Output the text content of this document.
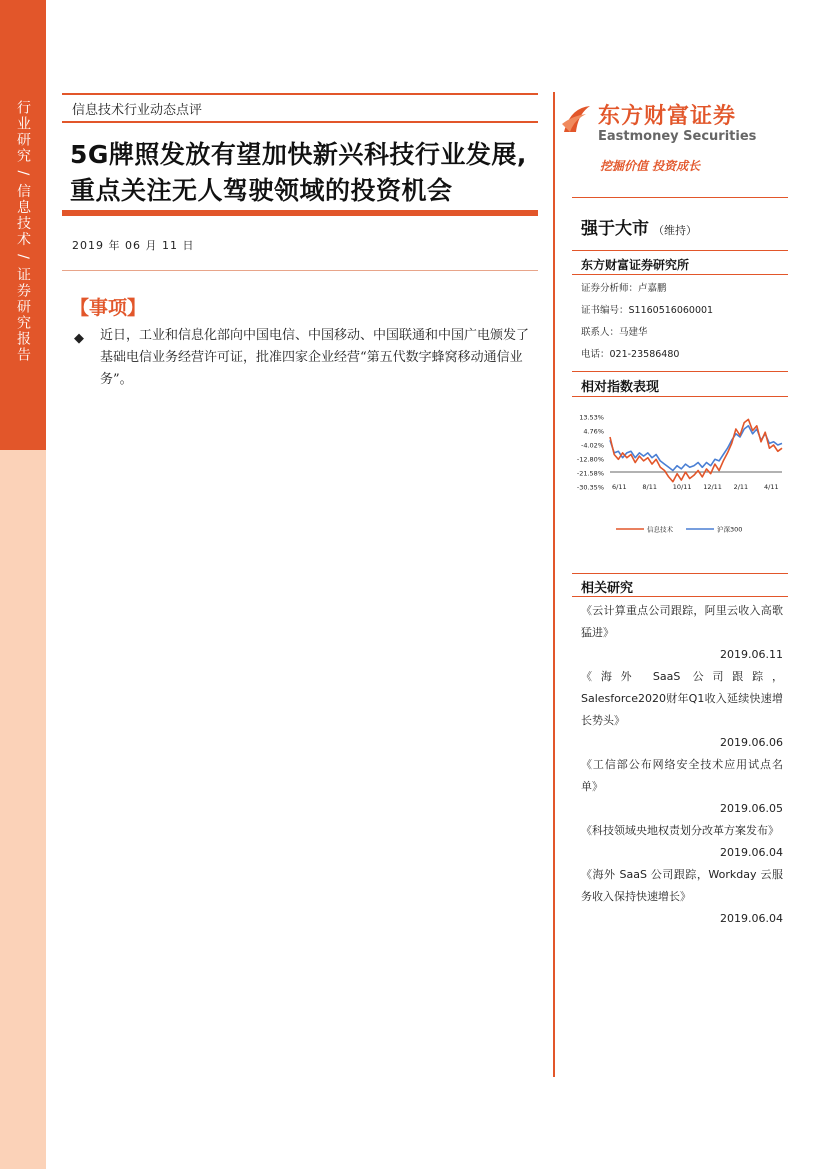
行业研究 / 信息技术 / 证券研究报告	信息技术行业动态点评
5G牌照发放有望加快新兴科技行业发展,重点关注无人驾驶领域的投资机会
2019 年 06 月 11 日
【事项】
◆ 近日，工业和信息化部向中国电信、中国移动、中国联通和中国广电颁发了基础电信业务经营许可证，批准四家企业经营“第五代数字蜂窝移动通信业务”。
东方财富证券
Eastmoney Securities
挖掘价值 投资成长
强于大市 （维持）
东方财富证券研究所
证券分析师：卢嘉鹏
证书编号：S1160516060001
联系人：马建华
电话：021-23586480
相对指数表现
13.53%
4.76%
-4.02%
-12.80%
-21.58%
-30.35% 6/11 8/11 10/11 12/11 2/11 4/11
信息技术	沪深300
相关研究
《云计算重点公司跟踪，阿里云收入高歌猛进》
2019.06.11
《海外 SaaS 公司跟踪，Salesforce2020财年Q1收入延续快速增长势头》
2019.06.06
《工信部公布网络安全技术应用试点名单》
2019.06.05
《科技领域央地权责划分改革方案发布》
2019.06.04
《海外 SaaS 公司跟踪，Workday 云服务收入保持快速增长》
2019.06.04
